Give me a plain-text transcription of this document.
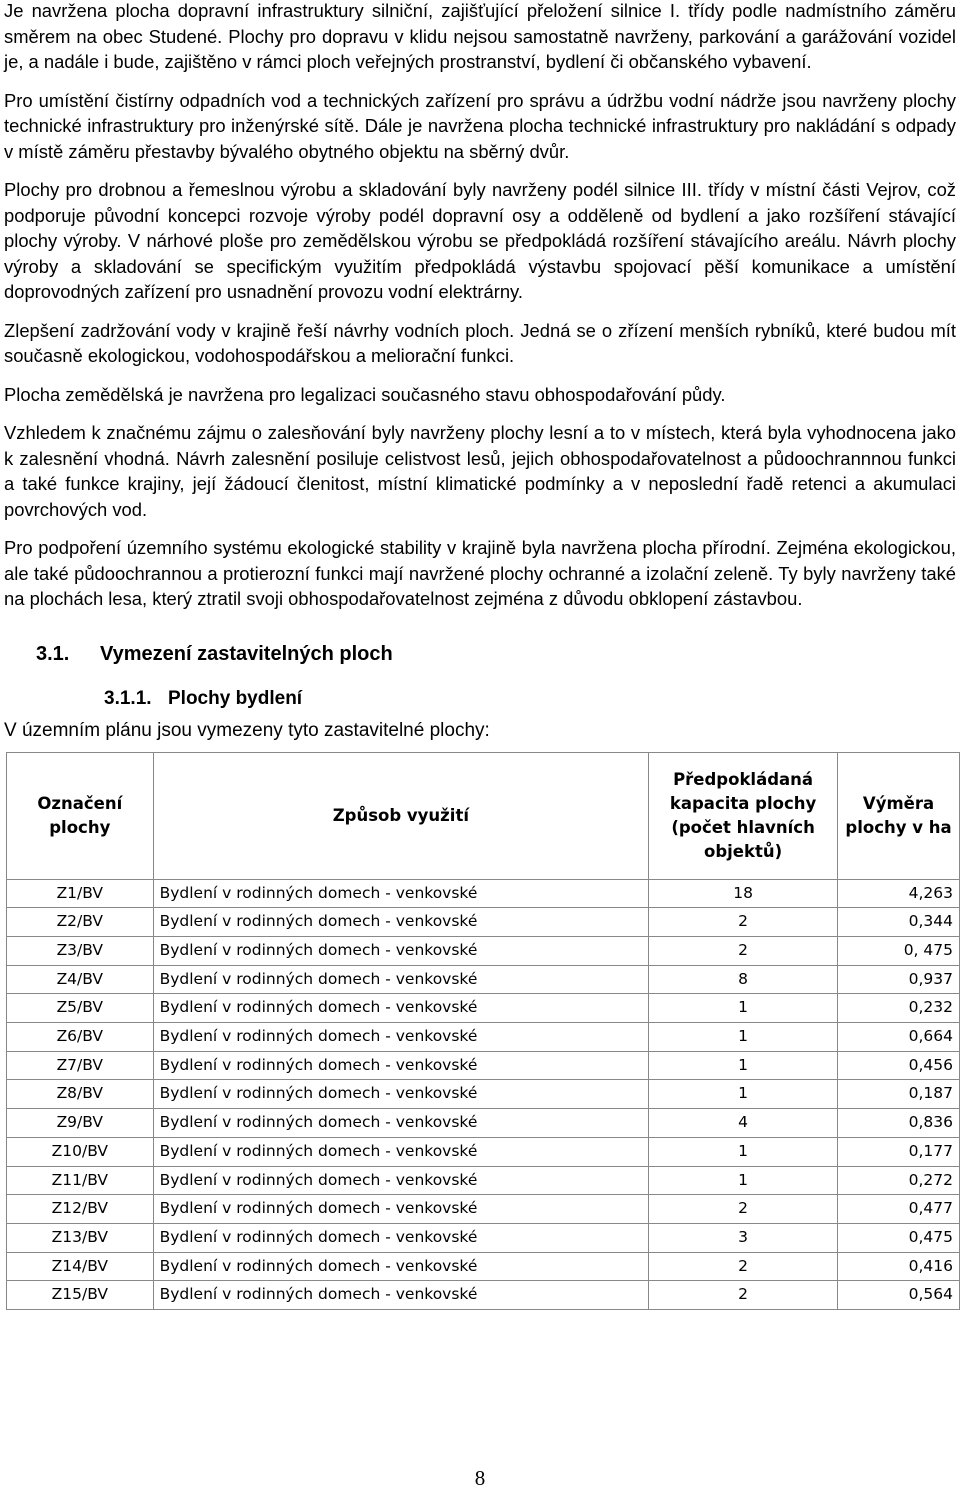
Je navržena plocha dopravní infrastruktury silniční, zajišťující přeložení silnice I. třídy podle nadmístního záměru směrem na obec Studené. Plochy pro dopravu v klidu nejsou samostatně navrženy, parkování a garážování vozidel je, a nadále i bude, zajištěno v rámci ploch veřejných prostranství, bydlení či občanského vybavení.

Pro umístění čistírny odpadních vod a technických zařízení pro správu a údržbu vodní nádrže jsou navrženy plochy technické infrastruktury pro inženýrské sítě. Dále je navržena plocha technické infrastruktury pro nakládání s odpady v místě záměru přestavby bývalého obytného objektu na sběrný dvůr.

Plochy pro drobnou a řemeslnou výrobu a skladování byly navrženy podél silnice III. třídy v místní části Vejrov, což podporuje původní koncepci rozvoje výroby podél dopravní osy a odděleně od bydlení a jako rozšíření stávající plochy výroby. V nárhové ploše pro zemědělskou výrobu se předpokládá rozšíření stávajícího areálu. Návrh plochy výroby a skladování se specifickým využitím předpokládá výstavbu spojovací pěší komunikace a umístění doprovodných zařízení pro usnadnění provozu vodní elektrárny.

Zlepšení zadržování vody v krajině řeší návrhy vodních ploch. Jedná se o zřízení menších rybníků, které budou mít současně ekologickou, vodohospodářskou a meliorační funkci.

Plocha zemědělská je navržena pro legalizaci současného stavu obhospodařování půdy.

Vzhledem k značnému zájmu o zalesňování byly navrženy plochy lesní a to v místech, která byla vyhodnocena jako k zalesnění vhodná. Návrh zalesnění posiluje celistvost lesů, jejich obhospodařovatelnost a půdoochrannnou funkci a také funkce krajiny, její žádoucí členitost, místní klimatické podmínky a v neposlední řadě retenci a akumulaci povrchových vod.

Pro podpoření územního systému ekologické stability v krajině byla navržena plocha přírodní. Zejména ekologickou, ale také půdoochrannou a protierozní funkci mají navržené plochy ochranné a izolační zeleně. Ty byly navrženy také na plochách lesa, který ztratil svoji obhospodařovatelnost zejména z důvodu obklopení zástavbou.

3.1. Vymezení zastavitelných ploch
3.1.1. Plochy bydlení
V územním plánu jsou vymezeny tyto zastavitelné plochy:
Označení plochy	Způsob využití	Předpokládaná kapacita plochy (počet hlavních objektů)	Výměra plochy v ha
Z1/BV	Bydlení v rodinných domech - venkovské	18	4,263
Z2/BV	Bydlení v rodinných domech - venkovské	2	0,344
Z3/BV	Bydlení v rodinných domech - venkovské	2	0, 475
Z4/BV	Bydlení v rodinných domech - venkovské	8	0,937
Z5/BV	Bydlení v rodinných domech - venkovské	1	0,232
Z6/BV	Bydlení v rodinných domech - venkovské	1	0,664
Z7/BV	Bydlení v rodinných domech - venkovské	1	0,456
Z8/BV	Bydlení v rodinných domech - venkovské	1	0,187
Z9/BV	Bydlení v rodinných domech - venkovské	4	0,836
Z10/BV	Bydlení v rodinných domech - venkovské	1	0,177
Z11/BV	Bydlení v rodinných domech - venkovské	1	0,272
Z12/BV	Bydlení v rodinných domech - venkovské	2	0,477
Z13/BV	Bydlení v rodinných domech - venkovské	3	0,475
Z14/BV	Bydlení v rodinných domech - venkovské	2	0,416
Z15/BV	Bydlení v rodinných domech - venkovské	2	0,564
8
